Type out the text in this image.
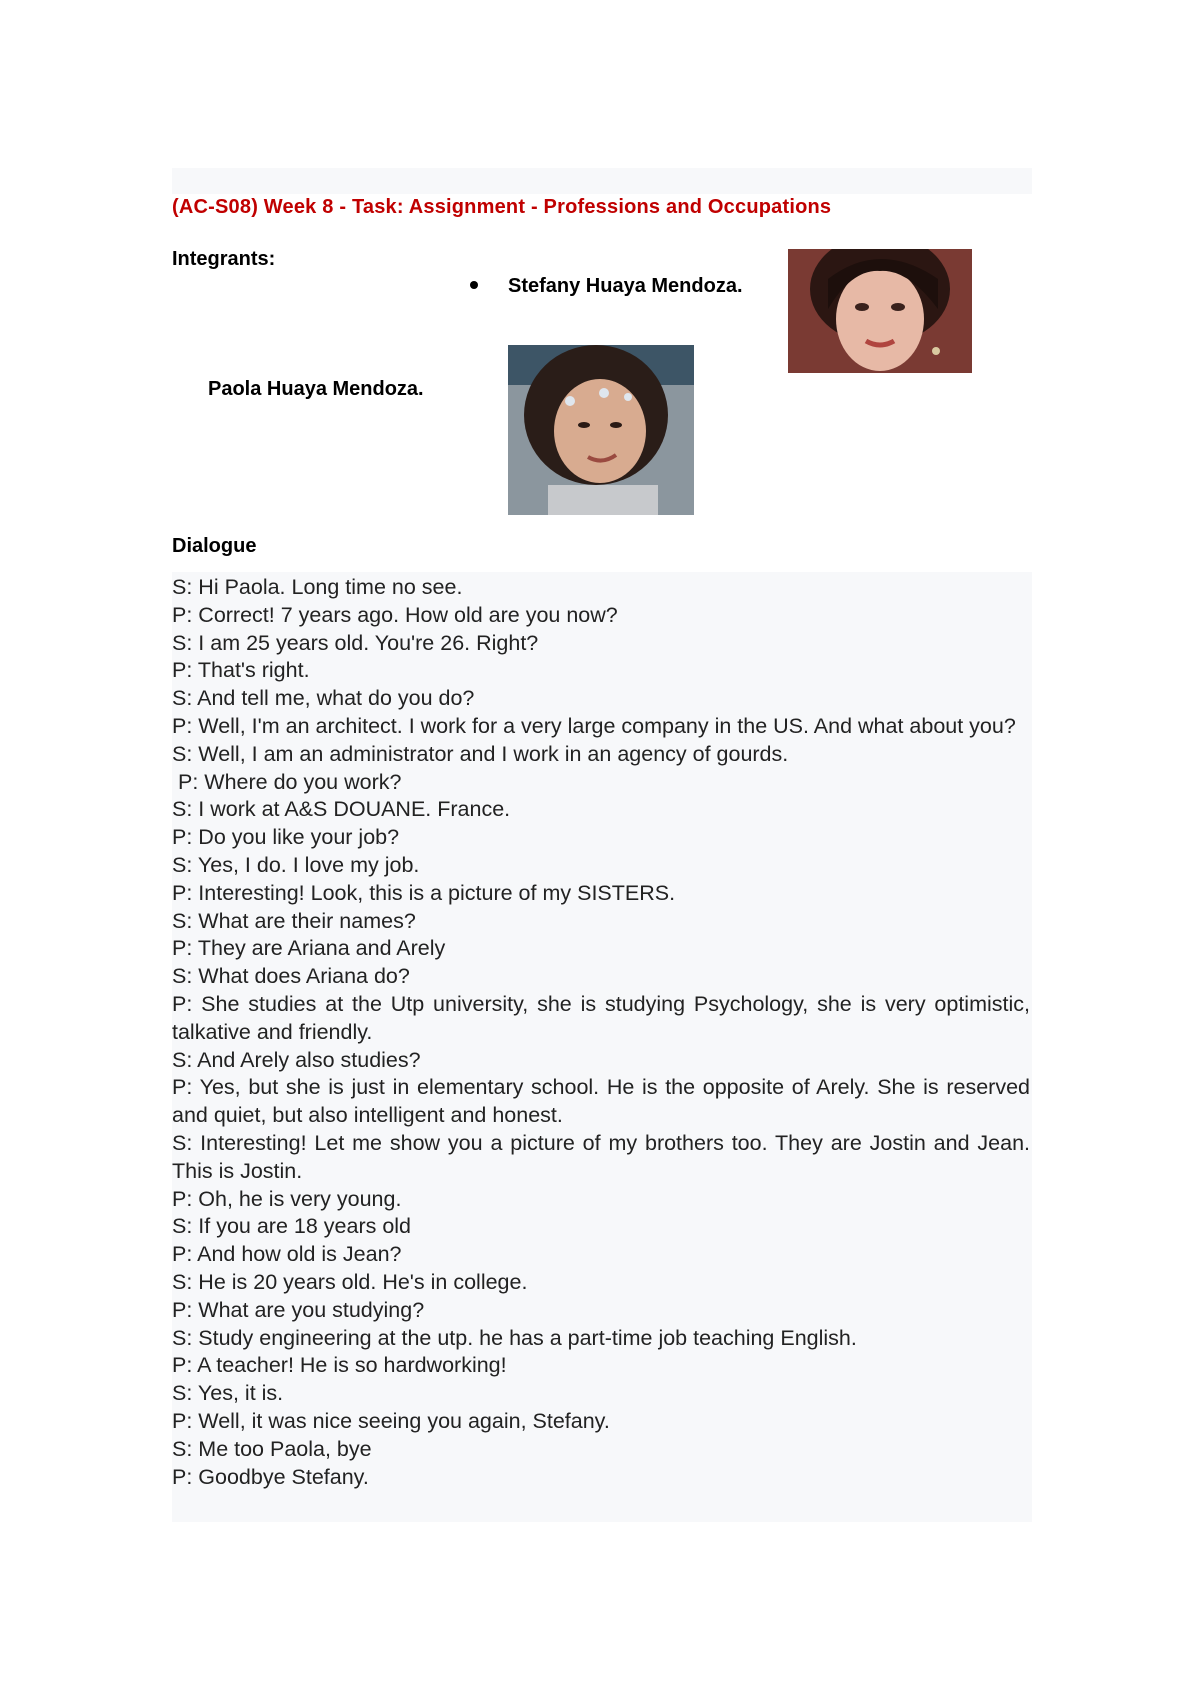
(AC-S08) Week 8 - Task: Assignment - Professions and Occupations
Integrants:
Stefany Huaya Mendoza.
Paola Huaya Mendoza.
Dialogue
S: Hi Paola. Long time no see.
P: Correct! 7 years ago. How old are you now?
S: I am 25 years old. You're 26. Right?
P: That's right.
S: And tell me, what do you do?
P: Well, I'm an architect. I work for a very large company in the US. And what about you?
S: Well, I am an administrator and I work in an agency of gourds.
P: Where do you work?
S: I work at A&S DOUANE. France.
P: Do you like your job?
S: Yes, I do. I love my job.
P: Interesting! Look, this is a picture of my SISTERS.
S: What are their names?
P: They are Ariana and Arely
S: What does Ariana do?
P: She studies at the Utp university, she is studying Psychology, she is very optimistic, talkative and friendly.
S: And Arely also studies?
P: Yes, but she is just in elementary school. He is the opposite of Arely. She is reserved and quiet, but also intelligent and honest.
S: Interesting! Let me show you a picture of my brothers too. They are Jostin and Jean. This is Jostin.
P: Oh, he is very young.
S: If you are 18 years old
P: And how old is Jean?
S: He is 20 years old. He's in college.
P: What are you studying?
S: Study engineering at the utp. he has a part-time job teaching English.
P: A teacher! He is so hardworking!
S: Yes, it is.
P: Well, it was nice seeing you again, Stefany.
S: Me too Paola, bye
P: Goodbye Stefany.
